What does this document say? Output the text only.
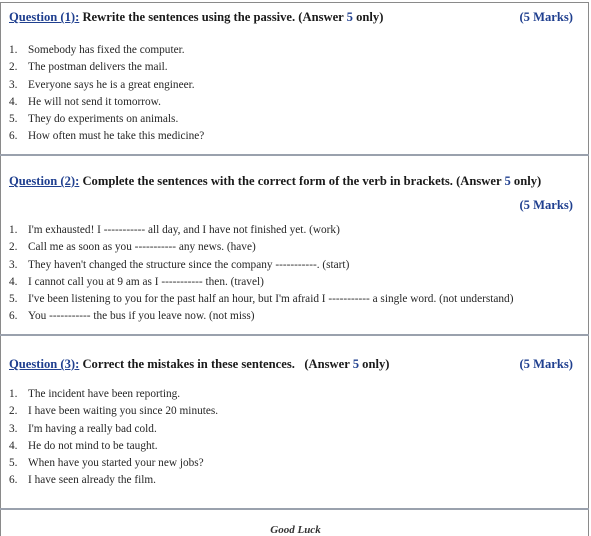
Question (1): Rewrite the sentences using the passive. (Answer 5 only)	(5 Marks)
1. Somebody has fixed the computer.
2. The postman delivers the mail.
3. Everyone says he is a great engineer.
4. He will not send it tomorrow.
5. They do experiments on animals.
6. How often must he take this medicine?
Question (2): Complete the sentences with the correct form of the verb in brackets. (Answer 5 only)
(5 Marks)
1. I'm exhausted! I ----------- all day, and I have not finished yet. (work)
2. Call me as soon as you ----------- any news. (have)
3. They haven't changed the structure since the company -----------. (start)
4. I cannot call you at 9 am as I ----------- then. (travel)
5. I've been listening to you for the past half an hour, but I'm afraid I ----------- a single word. (not understand)
6. You ----------- the bus if you leave now. (not miss)
Question (3): Correct the mistakes in these sentences.   (Answer 5 only)	(5 Marks)
1. The incident have been reporting.
2. I have been waiting you since 20 minutes.
3. I'm having a really bad cold.
4. He do not mind to be taught.
5. When have you started your new jobs?
6. I have seen already the film.
Good Luck
